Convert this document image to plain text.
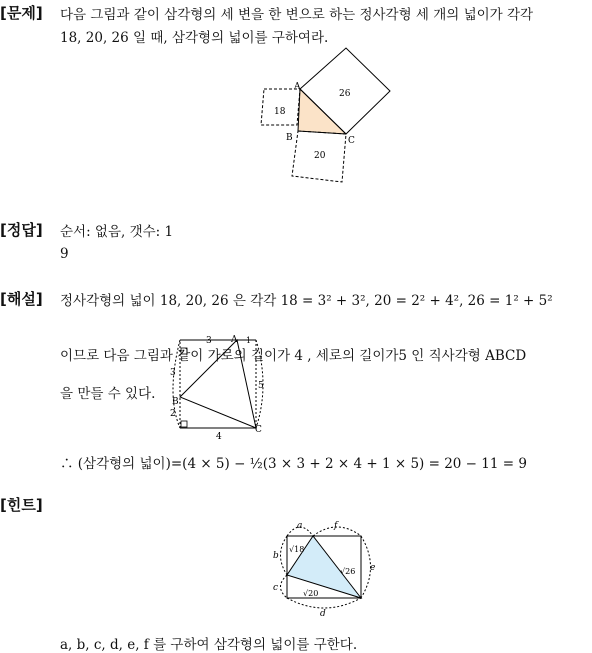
[문제] 다음 그림과 같이 삼각형의 세 변을 한 변으로 하는 정사각형 세 개의 넓이가 각각
18, 20, 26 일 때, 삼각형의 넓이를 구하여라.
18
26
20
A
B	C
[정답] 순서: 없음, 갯수: 1
9
[해설] 정사각형의 넓이 18, 20, 26 은 각각 18 = 3² + 3², 20 = 2² + 4², 26 = 1² + 5²
이므로 다음 그림과 같이 가로의 길이가 4 , 세로의 길이가5 인 직사각형 ABCD
을 만들 수 있다.
3
3
2
5
4
1
A
B
C
∴ (삼각형의 넓이)=(4 × 5) − ½(3 × 3 + 2 × 4 + 1 × 5) = 20 − 11 = 9
[힌트]
a	f
b
e
c
d
√18
√26
√20
a, b, c, d, e, f 를 구하여 삼각형의 넓이를 구한다.
